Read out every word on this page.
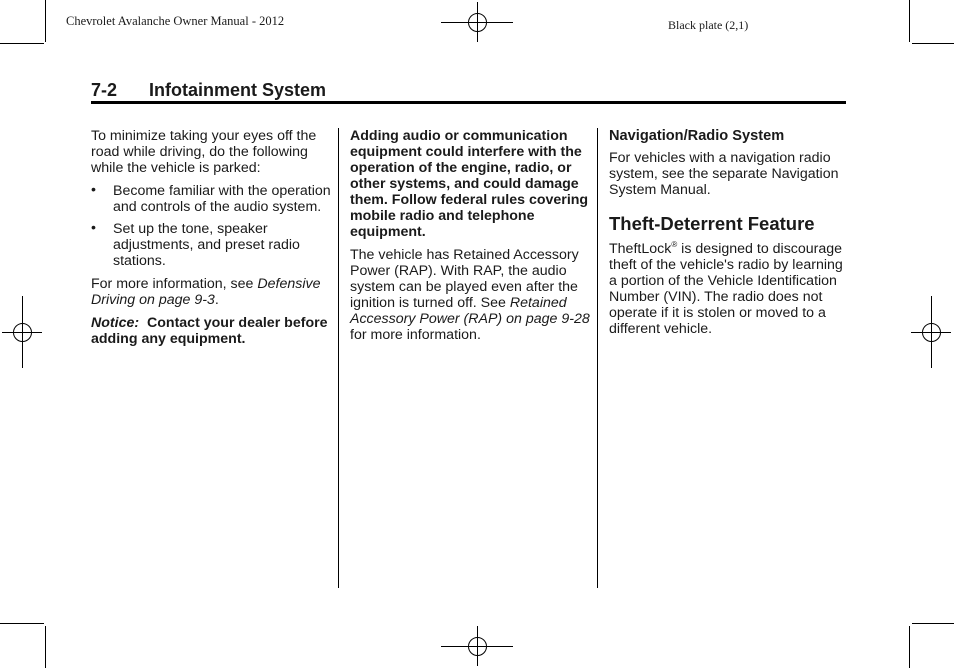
Chevrolet Avalanche Owner Manual - 2012	Black plate (2,1)
7-2 Infotainment System

To minimize taking your eyes off the road while driving, do the following while the vehicle is parked:

• Become familiar with the operation and controls of the audio system.
• Set up the tone, speaker adjustments, and preset radio stations.

For more information, see Defensive Driving on page 9-3.

Notice: Contact your dealer before adding any equipment.

Adding audio or communication equipment could interfere with the operation of the engine, radio, or other systems, and could damage them. Follow federal rules covering mobile radio and telephone equipment.

The vehicle has Retained Accessory Power (RAP). With RAP, the audio system can be played even after the ignition is turned off. See Retained Accessory Power (RAP) on page 9-28 for more information.

Navigation/Radio System

For vehicles with a navigation radio system, see the separate Navigation System Manual.

Theft-Deterrent Feature

TheftLock® is designed to discourage theft of the vehicle's radio by learning a portion of the Vehicle Identification Number (VIN). The radio does not operate if it is stolen or moved to a different vehicle.
